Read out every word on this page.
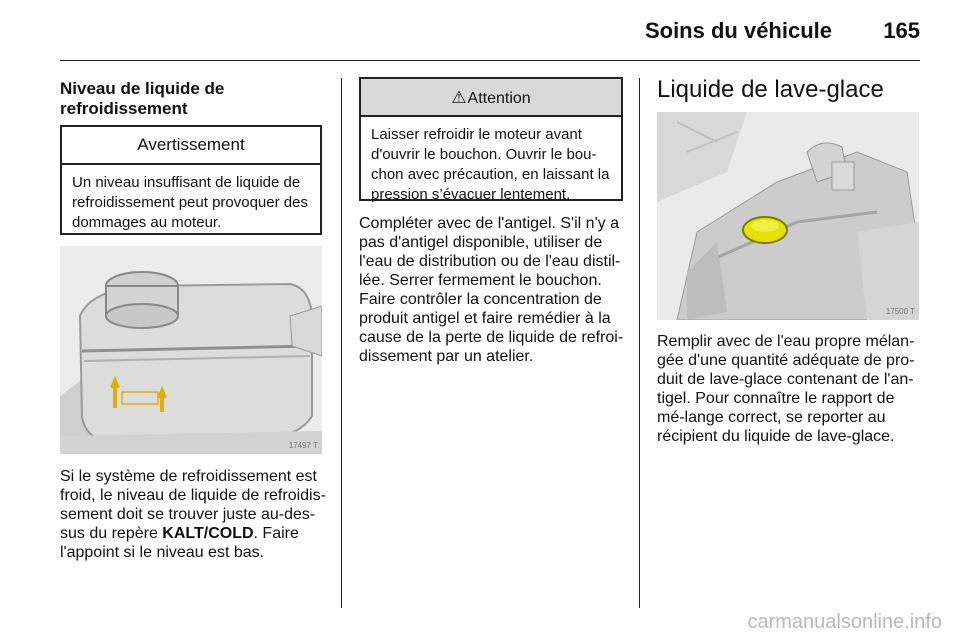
Soins du véhicule 165
Niveau de liquide de refroidissement
Avertissement
Un niveau insuffisant de liquide de refroidissement peut provoquer des dommages au moteur.
17497 T
Si le système de refroidissement est froid, le niveau de liquide de refroidis-sement doit se trouver juste au-des-sus du repère KALT/COLD. Faire l'appoint si le niveau est bas.
⚠Attention
Laisser refroidir le moteur avant d'ouvrir le bouchon. Ouvrir le bou-chon avec précaution, en laissant la pression s’évacuer lentement.
Compléter avec de l'antigel. S'il n'y a pas d'antigel disponible, utiliser de l'eau de distribution ou de l'eau distil-lée. Serrer fermement le bouchon. Faire contrôler la concentration de produit antigel et faire remédier à la cause de la perte de liquide de refroi-dissement par un atelier.
Liquide de lave-glace
17500 T
Remplir avec de l'eau propre mélan-gée d'une quantité adéquate de pro-duit de lave-glace contenant de l'an-tigel. Pour connaître le rapport de mé-lange correct, se reporter au récipient du liquide de lave-glace.
carmanualsonline.info
